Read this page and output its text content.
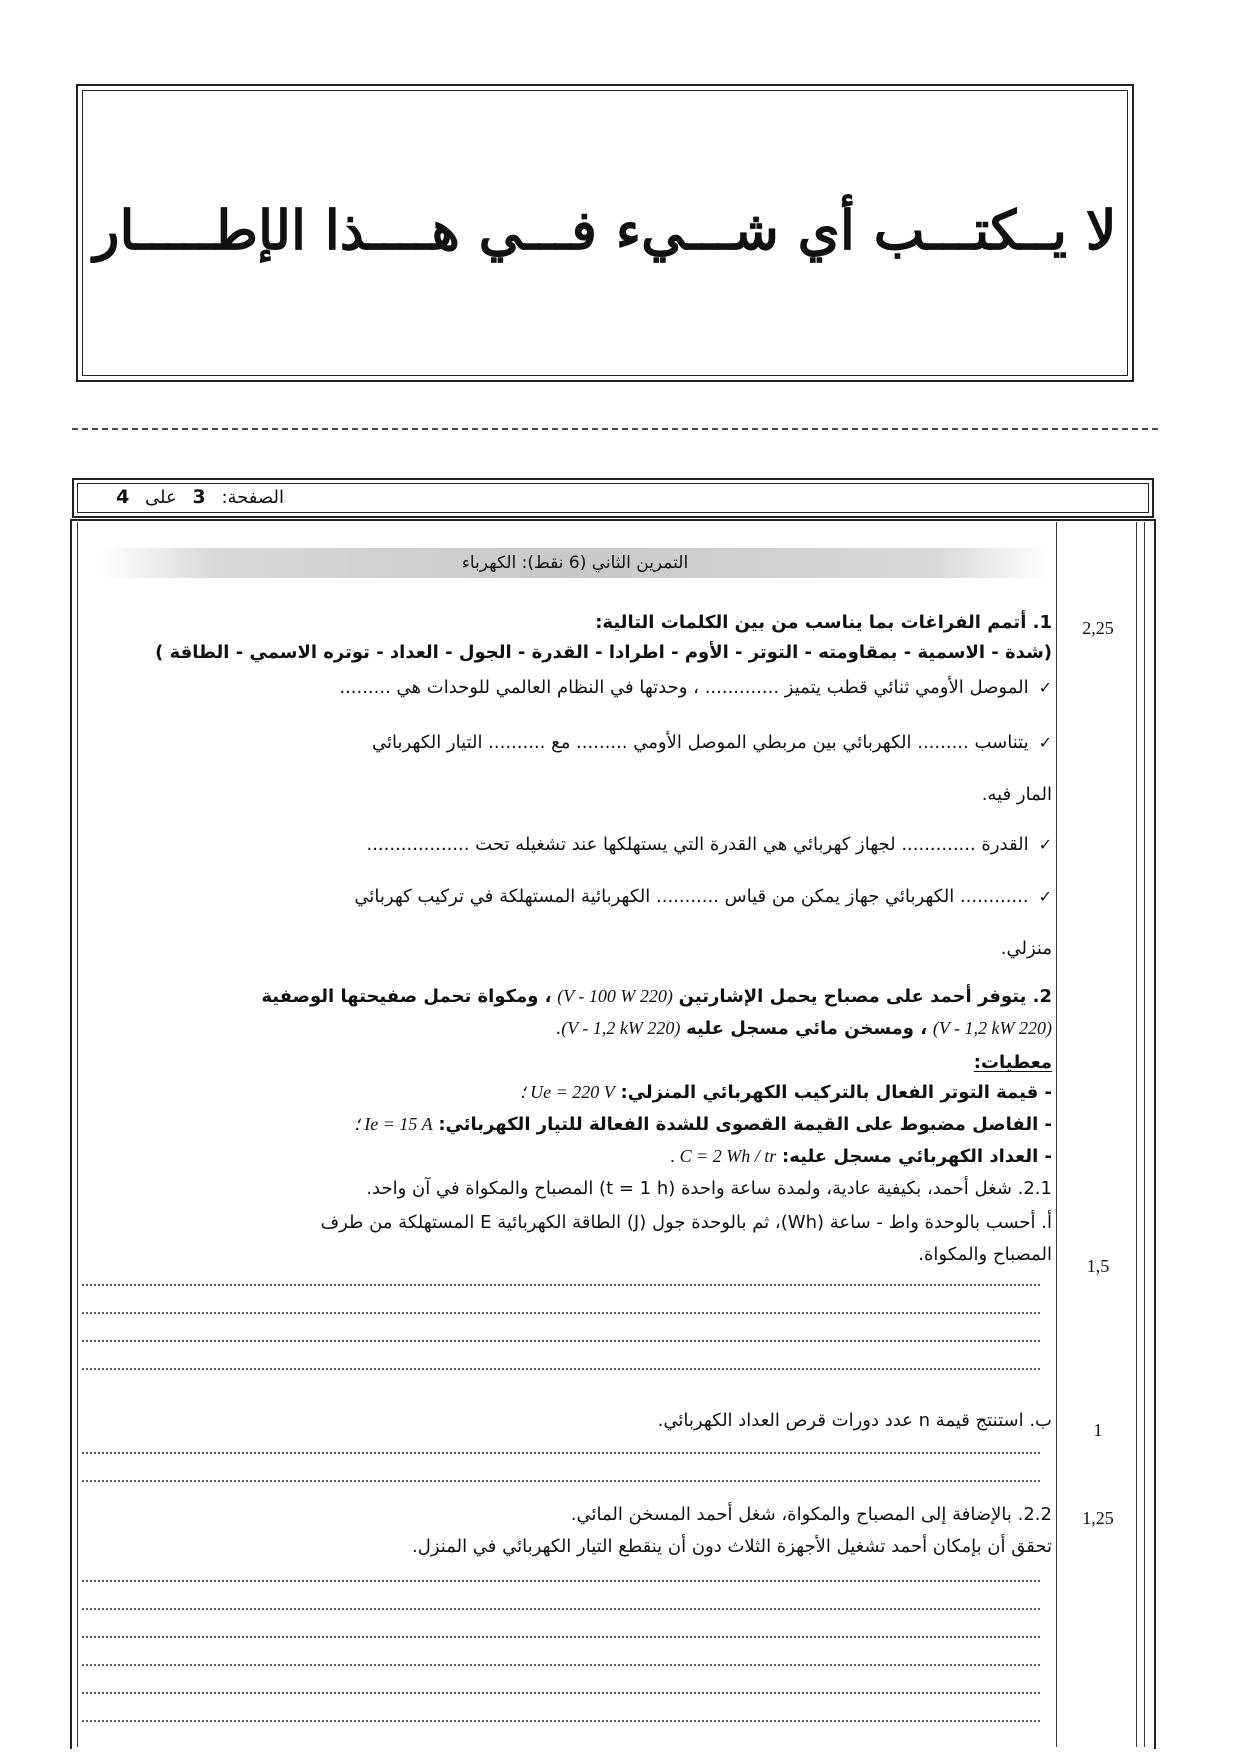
لا يــكتـــب أي شـــيء فـــي هــــذا الإطـــــار
الصفحة: 3 على 4
التمرين الثاني (6 نقط): الكهرباء
2,25
1,5
1
1,25
1. أتمم الفراغات بما يناسب من بين الكلمات التالية:
(شدة - الاسمية - بمقاومته - التوتر - الأوم - اطرادا - القدرة - الجول - العداد - توتره الاسمي - الطاقة )
✓الموصل الأومي ثنائي قطب يتميز ............. ، وحدتها في النظام العالمي للوحدات هي .........
✓يتناسب ......... الكهربائي بين مربطي الموصل الأومي ......... مع .......... التيار الكهربائي
المار فيه.
✓القدرة ............. لجهاز كهربائي هي القدرة التي يستهلكها عند تشغيله تحت ..................
✓............ الكهربائي جهاز يمكن من قياس ........... الكهربائية المستهلكة في تركيب كهربائي
منزلي.
2. يتوفر أحمد على مصباح يحمل الإشارتين (220 V - 100 W) ، ومكواة تحمل صفيحتها الوصفية
(220 V - 1,2 kW) ، ومسخن مائي مسجل عليه (220 V - 1,2 kW).
معطيات:
- قيمة التوتر الفعال بالتركيب الكهربائي المنزلي: Ue = 220 V ؛
- الفاصل مضبوط على القيمة القصوى للشدة الفعالة للتيار الكهربائي: Ie = 15 A ؛
- العداد الكهربائي مسجل عليه: C = 2 Wh / tr .
2.1. شغل أحمد، بكيفية عادية، ولمدة ساعة واحدة (t = 1 h) المصباح والمكواة في آن واحد.
أ. أحسب بالوحدة واط - ساعة (Wh)، ثم بالوحدة جول (J) الطاقة الكهربائية E المستهلكة من طرف
المصباح والمكواة.
ب. استنتج قيمة n عدد دورات قرص العداد الكهربائي.
2.2. بالإضافة إلى المصباح والمكواة، شغل أحمد المسخن المائي.
تحقق أن بإمكان أحمد تشغيل الأجهزة الثلاث دون أن ينقطع التيار الكهربائي في المنزل.
